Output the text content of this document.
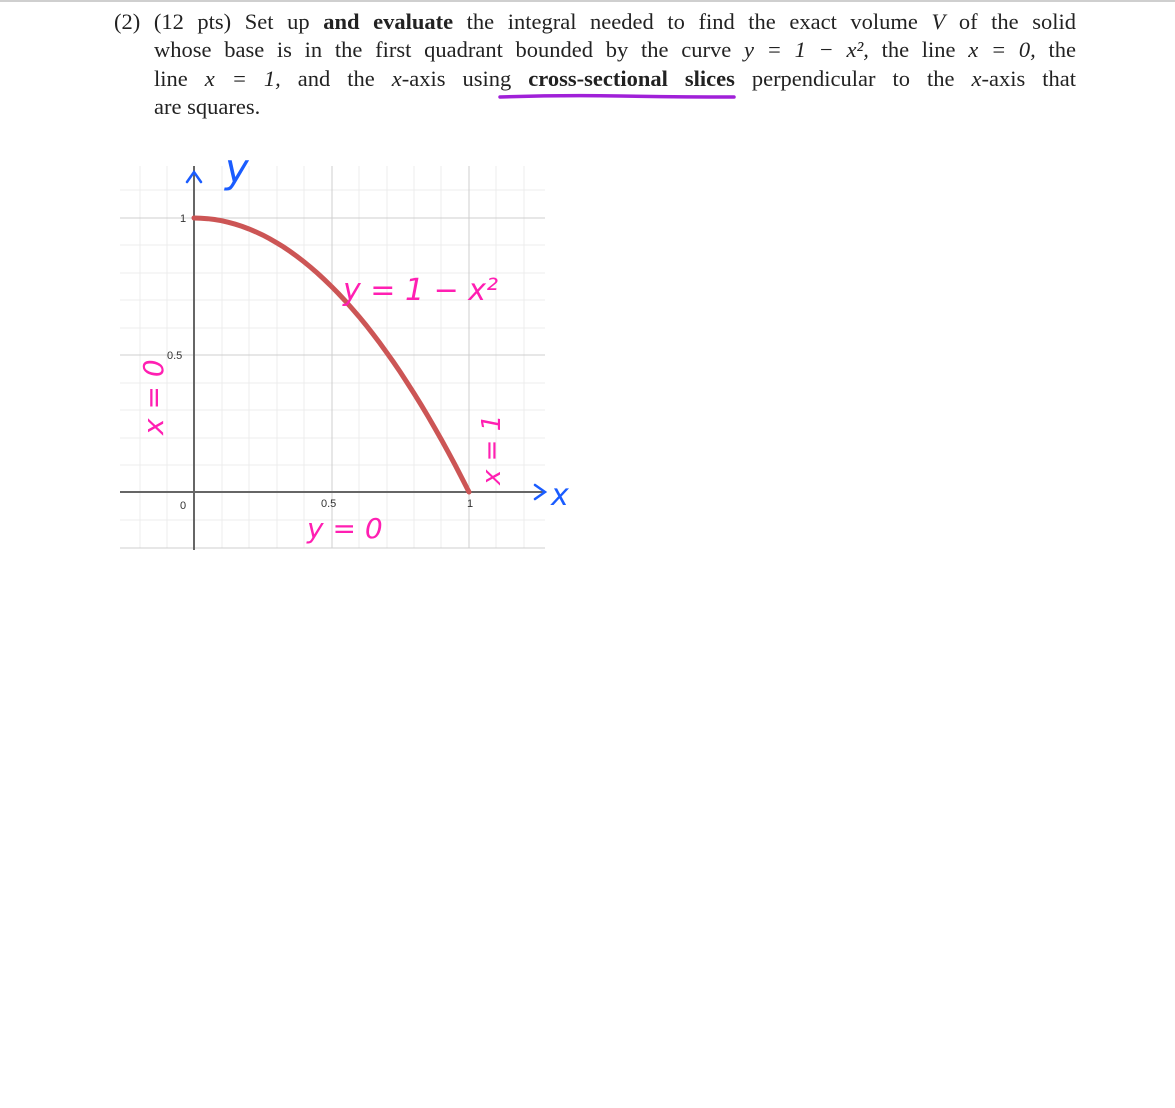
(2) (12 pts) Set up and evaluate the integral needed to find the exact volume V of the solid
whose base is in the first quadrant bounded by the curve y = 1 − x², the line x = 0, the
line x = 1, and the x-axis using cross-sectional slices perpendicular to the x-axis that
are squares.
1
0.5
0	0.5	1
y
x
y = 1 − x²
x = 0
x = 1
y = 0
